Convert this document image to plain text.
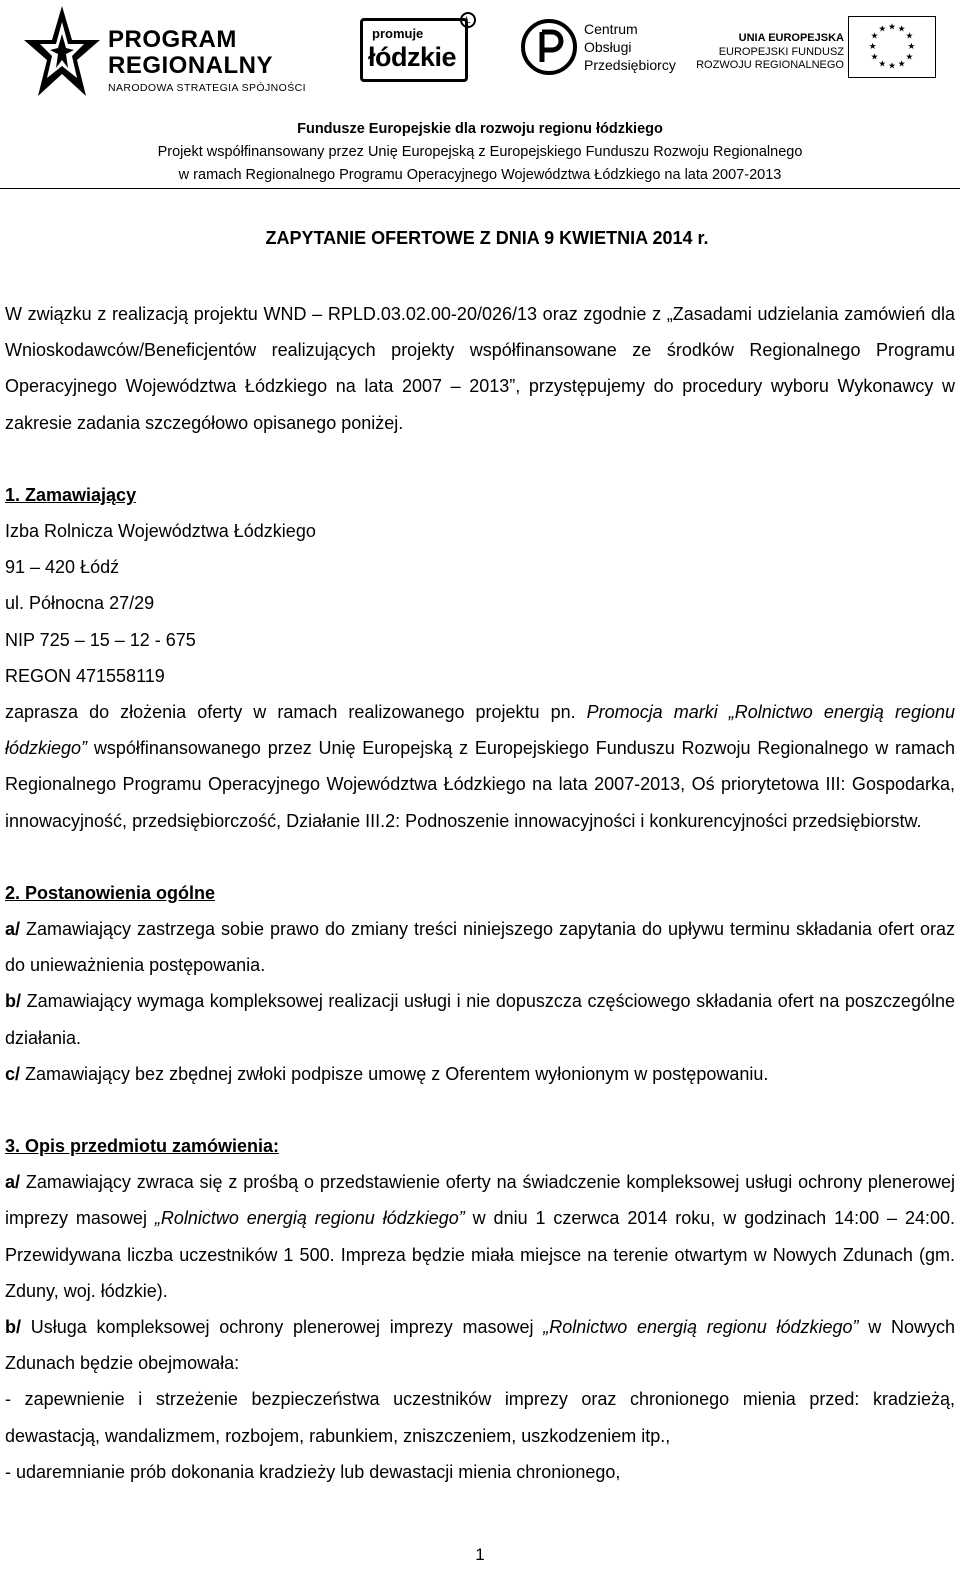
PROGRAM
REGIONALNY
NARODOWA STRATEGIA SPÓJNOŚCI
promuje
łódzkie
Ł
Centrum
Obsługi
Przedsiębiorcy
UNIA EUROPEJSKA
EUROPEJSKI FUNDUSZ
ROZWOJU REGIONALNEGO
★ ★
★
★
★
★
★
★
★
★
★
★
Fundusze Europejskie dla rozwoju regionu łódzkiego
Projekt współfinansowany przez Unię Europejską z Europejskiego Funduszu Rozwoju Regionalnego
w ramach Regionalnego Programu Operacyjnego Województwa Łódzkiego na lata 2007-2013
ZAPYTANIE OFERTOWE Z DNIA 9 KWIETNIA 2014 r.

W związku z realizacją projektu WND – RPLD.03.02.00-20/026/13 oraz zgodnie z „Zasadami udzielania zamówień dla Wnioskodawców/Beneficjentów realizujących projekty współfinansowane ze środków Regionalnego Programu Operacyjnego Województwa Łódzkiego na lata 2007 – 2013”, przystępujemy do procedury wyboru Wykonawcy w zakresie zadania szczegółowo opisanego poniżej.

1. Zamawiający

Izba Rolnicza Województwa Łódzkiego

91 – 420 Łódź

ul. Północna 27/29

NIP 725 – 15 – 12 - 675

REGON 471558119

zaprasza do złożenia oferty w ramach realizowanego projektu pn. Promocja marki „Rolnictwo energią regionu łódzkiego” współfinansowanego przez Unię Europejską z Europejskiego Funduszu Rozwoju Regionalnego w ramach Regionalnego Programu Operacyjnego Województwa Łódzkiego na lata 2007-2013, Oś priorytetowa III: Gospodarka, innowacyjność, przedsiębiorczość, Działanie III.2: Podnoszenie innowacyjności i konkurencyjności przedsiębiorstw.

2. Postanowienia ogólne

a/ Zamawiający zastrzega sobie prawo do zmiany treści niniejszego zapytania do upływu terminu składania ofert oraz do unieważnienia postępowania.

b/ Zamawiający wymaga kompleksowej realizacji usługi i nie dopuszcza częściowego składania ofert na poszczególne działania.

c/ Zamawiający bez zbędnej zwłoki podpisze umowę z Oferentem wyłonionym w postępowaniu.

3. Opis przedmiotu zamówienia:

a/ Zamawiający zwraca się z prośbą o przedstawienie oferty na świadczenie kompleksowej usługi ochrony plenerowej imprezy masowej „Rolnictwo energią regionu łódzkiego” w dniu 1 czerwca 2014 roku, w godzinach 14:00 – 24:00. Przewidywana liczba uczestników 1 500. Impreza będzie miała miejsce na terenie otwartym w Nowych Zdunach (gm. Zduny, woj. łódzkie).

b/ Usługa kompleksowej ochrony plenerowej imprezy masowej „Rolnictwo energią regionu łódzkiego” w Nowych Zdunach będzie obejmowała:

- zapewnienie i strzeżenie bezpieczeństwa uczestników imprezy oraz chronionego mienia przed: kradzieżą, dewastacją, wandalizmem, rozbojem, rabunkiem, zniszczeniem, uszkodzeniem itp.,

- udaremnianie prób dokonania kradzieży lub dewastacji mienia chronionego,

1
